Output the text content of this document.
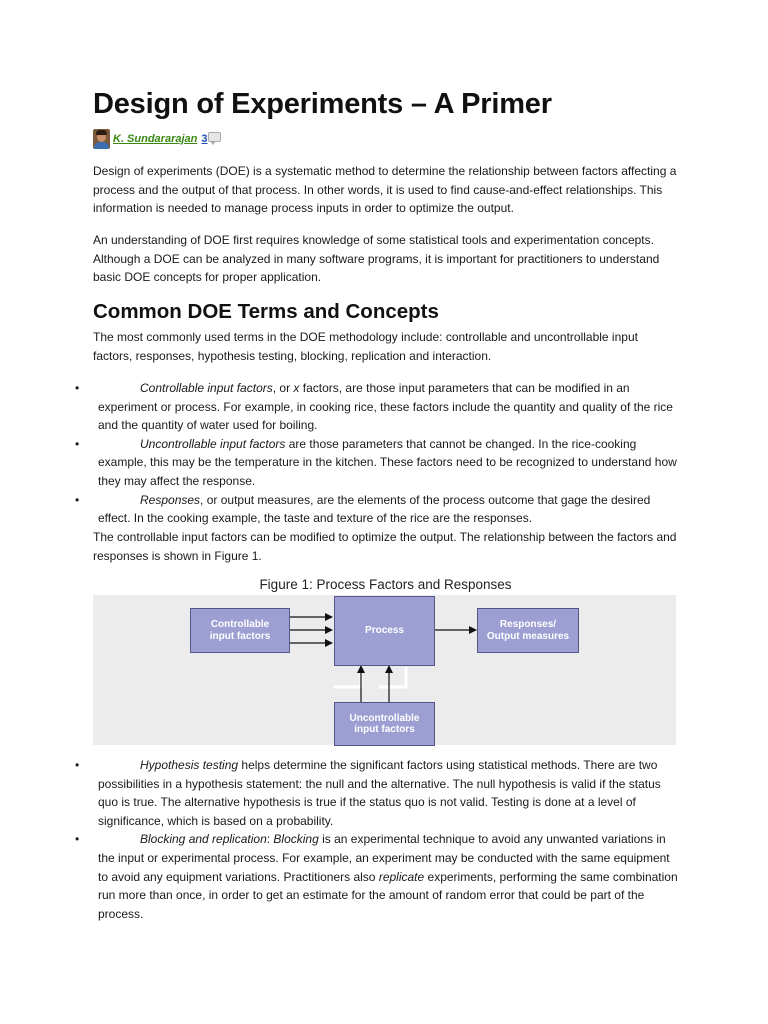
Design of Experiments – A Primer
K. Sundararajan 3

Design of experiments (DOE) is a systematic method to determine the relationship between factors affecting a process and the output of that process. In other words, it is used to find cause-and-effect relationships. This information is needed to manage process inputs in order to optimize the output.

An understanding of DOE first requires knowledge of some statistical tools and experimentation concepts. Although a DOE can be analyzed in many software programs, it is important for practitioners to understand basic DOE concepts for proper application.

Common DOE Terms and Concepts

The most commonly used terms in the DOE methodology include: controllable and uncontrollable input factors, responses, hypothesis testing, blocking, replication and interaction.

•	Controllable input factors, or x factors, are those input parameters that can be modified in an experiment or process. For example, in cooking rice, these factors include the quantity and quality of the rice and the quantity of water used for boiling.
•	Uncontrollable input factors are those parameters that cannot be changed. In the rice-cooking example, this may be the temperature in the kitchen. These factors need to be recognized to understand how they may affect the response.
•	Responses, or output measures, are the elements of the process outcome that gage the desired effect. In the cooking example, the taste and texture of the rice are the responses.

The controllable input factors can be modified to optimize the output. The relationship between the factors and responses is shown in Figure 1.

Figure 1: Process Factors and Responses
Controllable
input factors	Process
Responses/
Output measures
Uncontrollable
input factors
•	Hypothesis testing helps determine the significant factors using statistical methods. There are two possibilities in a hypothesis statement: the null and the alternative. The null hypothesis is valid if the status quo is true. The alternative hypothesis is true if the status quo is not valid. Testing is done at a level of significance, which is based on a probability.
•	Blocking and replication: Blocking is an experimental technique to avoid any unwanted variations in the input or experimental process. For example, an experiment may be conducted with the same equipment to avoid any equipment variations. Practitioners also replicate experiments, performing the same combination run more than once, in order to get an estimate for the amount of random error that could be part of the process.
